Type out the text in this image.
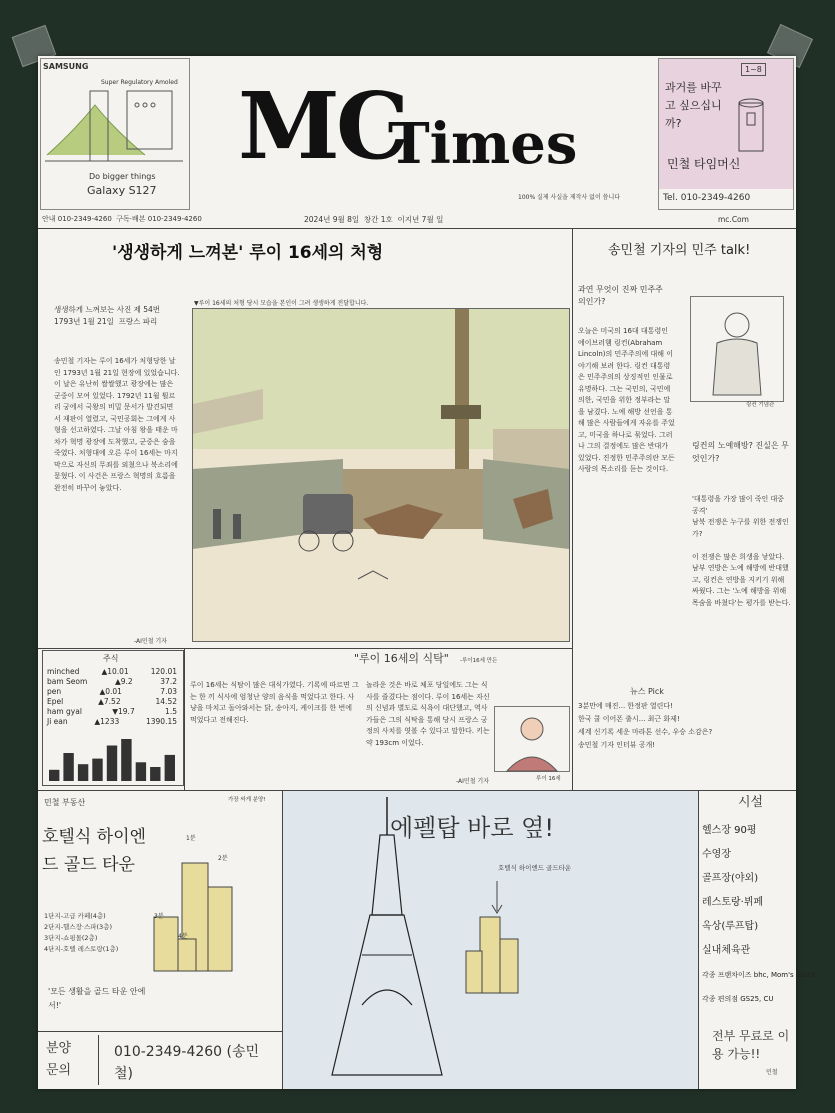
SAMSUNG
Super Regulatory Amoled
Do bigger things
Galaxy S127
MC
Times
100% 실제 사실을 제작사 없이 씀니다
1~8
과거를 바꾸고 싶으십니까?
민철 타임머신
Tel. 010-2349-4260
안내 010-2349-4260  구독·배본 010-2349-4260	2024년 9월 8일  창간 1호  이지년 7월 일	mc.Com
'생생하게 느껴본' 루이 16세의 처형
생생하게 느껴보는 사진 제 54번
1793년 1월 21일  프랑스 파리
송민철 기자는 루이 16세가 처형당한 날인 1793년 1월 21일 현장에 있었습니다. 이 날은 유난히 쌀쌀했고 광장에는 많은 군중이 모여 있었다. 1792년 11월 튈르리 궁에서 국왕의 비밀 문서가 발견되면서 재판이 열렸고, 국민공회는 그에게 사형을 선고하였다. 그날 아침 왕을 태운 마차가 혁명 광장에 도착했고, 군중은 숨을 죽였다. 처형대에 오른 루이 16세는 마지막으로 자신의 무죄를 외쳤으나 북소리에 묻혔다. 이 사건은 프랑스 혁명의 흐름을 완전히 바꾸어 놓았다.
-AI민철 기자
▼루이 16세의 처형 당시 모습을 본인이 그려 생생하게 전달합니다.
송민철 기자의 민주 talk!
과연 무엇이 진짜 민주주의인가?
오늘은 미국의 16대 대통령인 에이브러햄 링컨(Abraham Lincoln)의 민주주의에 대해 이야기해 보려 한다. 링컨 대통령은 민주주의의 상징적인 인물로 유명하다. 그는 국민의, 국민에 의한, 국민을 위한 정부라는 말을 남겼다. 노예 해방 선언을 통해 많은 사람들에게 자유를 주었고, 미국을 하나로 묶었다. 그러나 그의 결정에도 많은 반대가 있었다. 진정한 민주주의란 모든 사람의 목소리를 듣는 것이다.
링컨 기념관

링컨의 노예해방? 진실은 무엇인가?

'대통령을 가장 많이 죽인 대중 공격'
남북 전쟁은 누구를 위한 전쟁인가?

이 전쟁은 많은 희생을 낳았다. 남부 연방은 노예 해방에 반대했고, 링컨은 연방을 지키기 위해 싸웠다. 그는 '노예 해방을 위해 목숨을 바쳤다'는 평가를 받는다.

주식
minched	▲10.01	120.01
bam Seom	▲9.2	37.2
pen	▲0.01	7.03
Epel	▲7.52	14.52
ham gyal	▼19.7	1.5
Ji ean	▲1233	1390.15
"루이 16세의 식탁" -루이16세 만든
루이 16세는 식탐이 많은 대식가였다. 기록에 따르면 그는 한 끼 식사에 엄청난 양의 음식을 먹었다고 한다. 사냥을 마치고 돌아와서는 닭, 송아지, 케이크를 한 번에 먹었다고 전해진다.
놀라운 것은 바로 체포 당일에도 그는 식사를 즐겼다는 점이다. 루이 16세는 자신의 신념과 별도로 식욕이 대단했고, 역사가들은 그의 식탁을 통해 당시 프랑스 궁정의 사치를 엿볼 수 있다고 말한다. 키는 약 193cm 이었다.
루이 16세
-AI민철 기자
뉴스 Pick
3분만에 매진... 한정판 열린다!
한국 쿨 이어폰 출시... 최근 화제!
세계 신기록 세운 마라톤 선수, 우승 소감은?
송민철 기자 인터뷰 공개!
민철 부동산	가장 싸게 분양!
호텔식 하이엔드 골드 타운
1분
2분
3분
4분
1단지-고급 카페(4층)
2단지-헬스장·스파(3층)
3단지-쇼핑몰(2층)
4단지-호텔 레스토랑(1층)
'모든 생활을 골드 타운 안에서!'
분양
문의
010-2349-4260 (송민철)
에펠탑 바로 옆!
호텔식 하이엔드 골드타운
시설
헬스장 90평
수영장
골프장(야외)
레스토랑·뷔페
옥상(루프탑)
실내체육관
각종 프랜차이즈 bhc, Mom's touch
각종 편의점 GS25, CU
전부 무료로 이용 가능!!
민철
